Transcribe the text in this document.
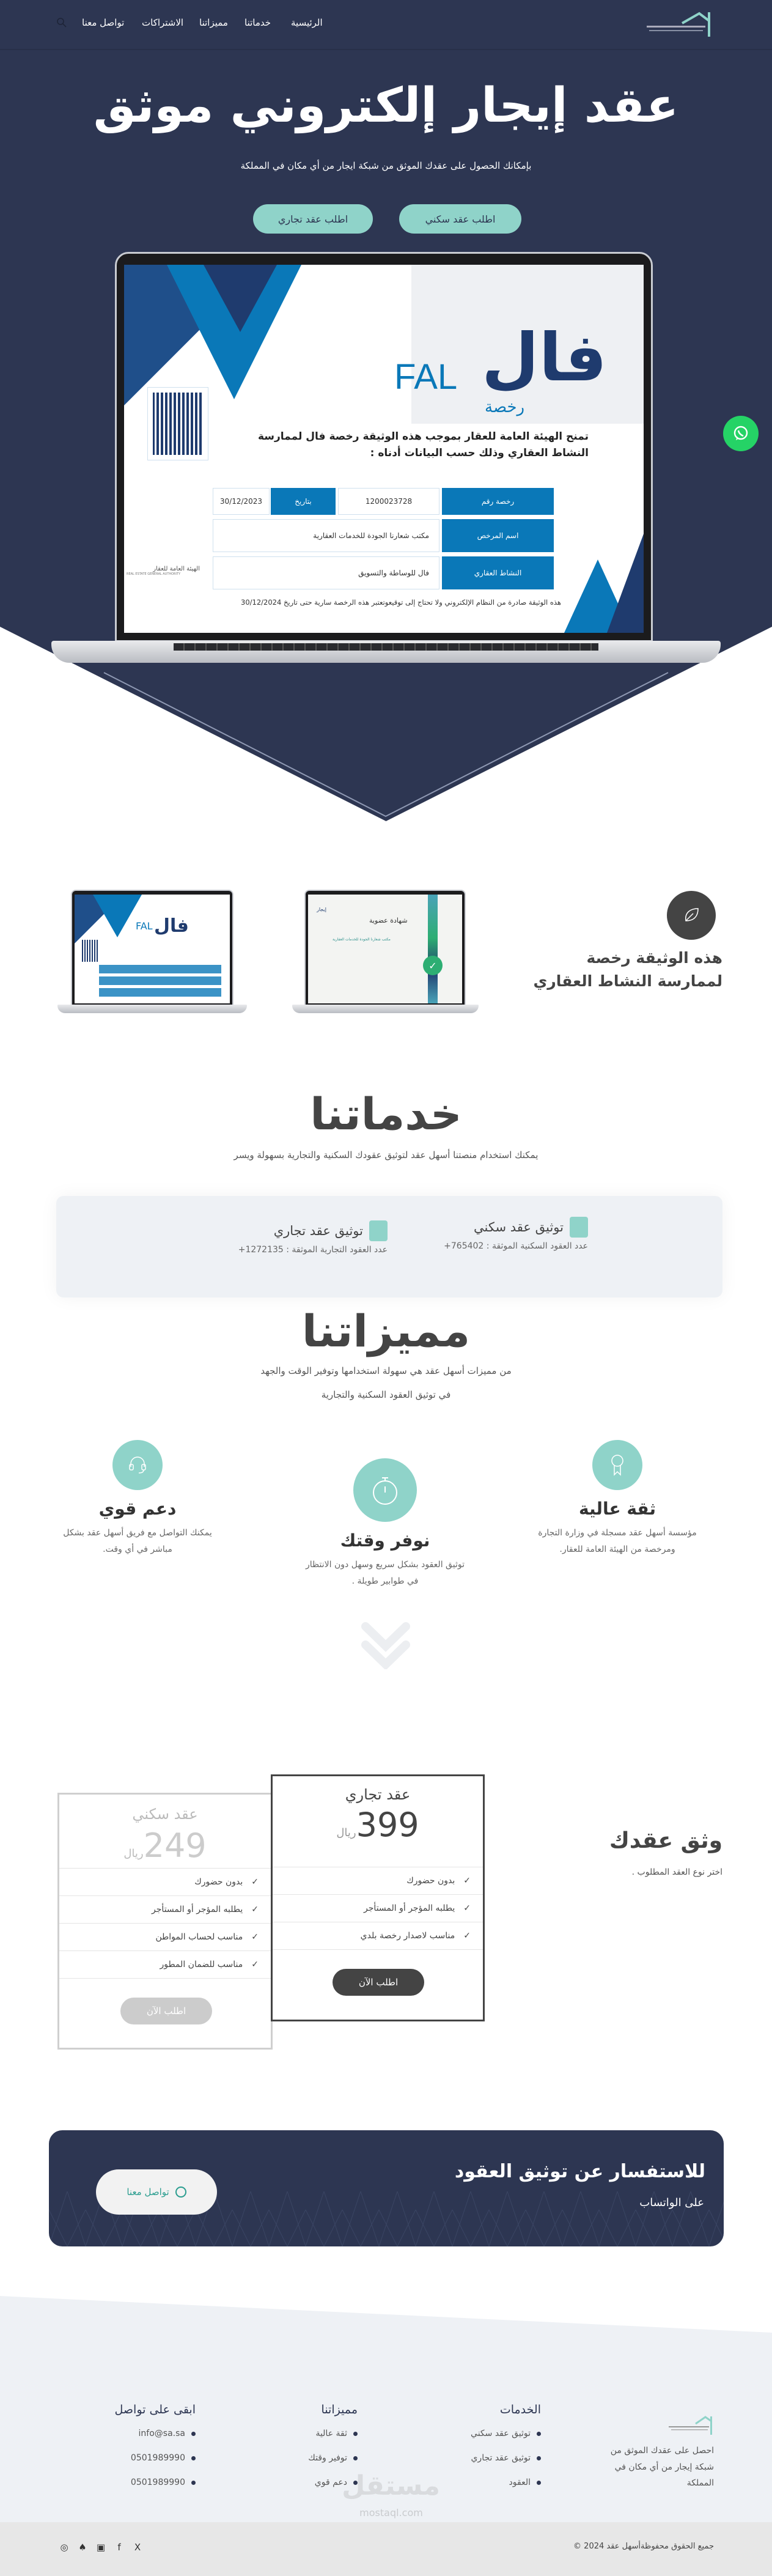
الرئيسية
خدماتنا
مميزاتنا
الاشتراكات
تواصل معنا
عقد إيجار إلكتروني موثق
بإمكانك الحصول على عقدك الموثق من شبكة ايجار من أي مكان في المملكة
اطلب عقد سكني
اطلب عقد تجاري
FAL فال
رخصة
تمنح الهيئة العامة للعقار بموجب هذه الوثيقة رخصة فال لممارسة
النشاط العقاري وذلك حسب البيانات أدناه :
رخصة رقم
1200023728
بتاريخ
30/12/2023
اسم المرخص
مكتب شعارنا الجودة للخدمات العقارية
النشاط العقاري
فال للوساطة والتسويق
هذه الوثيقة صادرة من النظام الإلكتروني ولا تحتاج إلى توقيعوتعتبر هذه الرخصة سارية حتى تاريخ 30/12/2024
الهيئة العامة للعقار
REAL ESTATE GENERAL AUTHORITY
هذه الوثيقة رخصة لممارسة النشاط العقاري
فال
FAL
✓
شهادة عضوية
مكتب شعارنا الجودة للخدمات العقارية
إيجار
خدماتنا
يمكنك استخدام منصتنا أسهل عقد لتوثيق عقودك السكنية والتجارية بسهولة ويسر
توثيق عقد سكني
عدد العقود السكنية الموثقة : 765402+
توثيق عقد تجاري
عدد العقود التجارية الموثقة : 1272135+
مميزاتنا
من مميزات أسهل عقد هي سهولة استخدامها وتوفير الوقت والجهد
في توثيق العقود السكنية والتجارية
ثقة عالية
مؤسسة أسهل عقد مسجلة في وزارة التجارة ومرخصة من الهيئة العامة للعقار.
نوفر وقتك
توثيق العقود بشكل سريع وسهل دون الانتظار في طوابير طويلة .
دعم قوي
يمكنك التواصل مع فريق أسهل عقد بشكل مباشر في أي وقت.
وثق عقدك
اختر نوع العقد المطلوب .
عقد سكني
ريال 249
✓
بدون حضورك
✓
يطلبه المؤجر أو المستأجر
✓
مناسب لحساب المواطن
✓
مناسب للضمان المطور
اطلب الآن
عقد تجاري
ريال 399
✓
بدون حضورك
✓
يطلبه المؤجر أو المستأجر
✓
مناسب لاصدار رخصة بلدي
اطلب الآن
للاستفسار عن توثيق العقود
على الواتساب
تواصل معنا
احصل على عقدك الموثق من شبكة إيجار من أي مكان في المملكة
الخدمات
توثيق عقد سكني
توثيق عقد تجاري
العقود
مميزاتنا
ثقة عالية
توفير وقتك
دعم قوي
ابقى على تواصل
info@sa.sa
0501989990
0501989990	مستقل
mostaql.com
جميع الحقوق محفوظةأسهل عقد 2024 ©
◎ ♠ ▣	f	X
